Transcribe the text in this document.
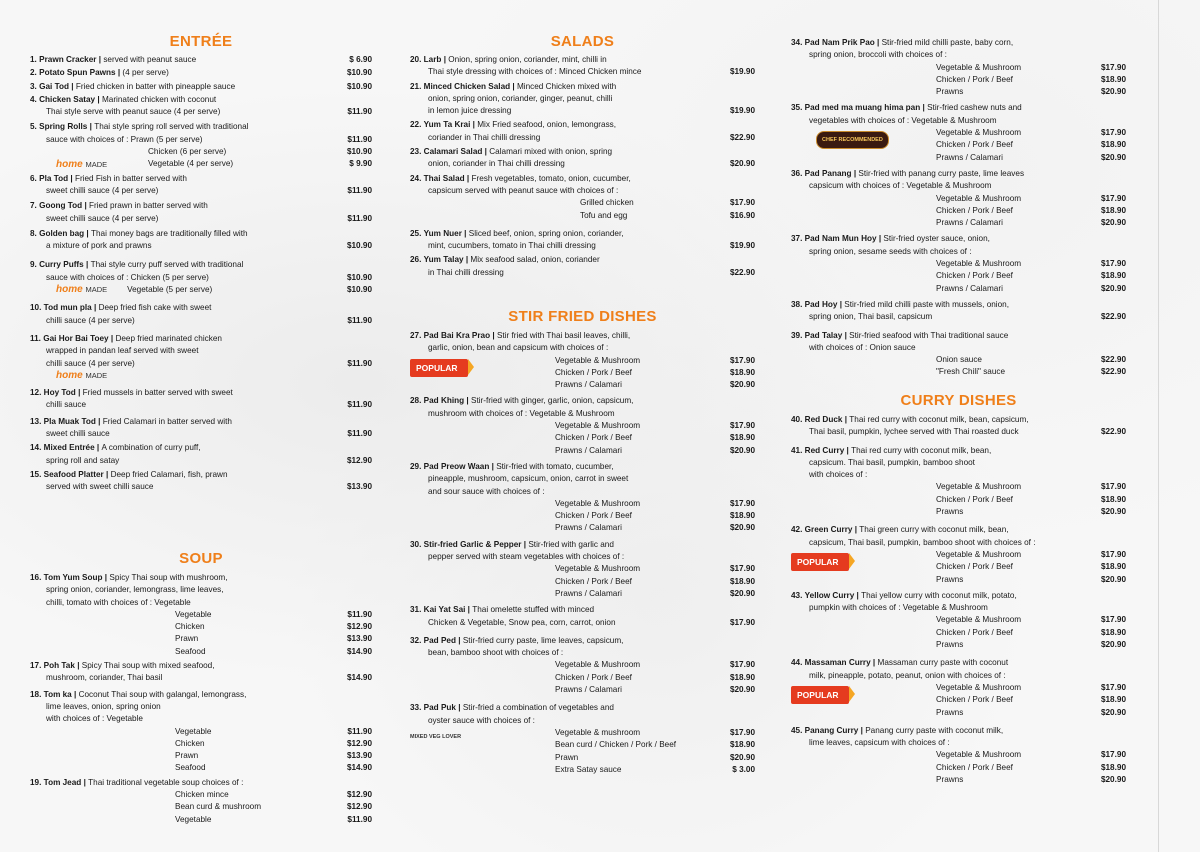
ENTRÉE
1. Prawn Cracker | served with peanut sauce	$ 6.90
2. Potato Spun Pawns | (4 per serve)	$10.90
3. Gai Tod | Fried chicken in batter with pineapple sauce	$10.90
4. Chicken Satay | Marinated chicken with coconut
Thai style serve with peanut sauce (4 per serve)	$11.90
5. Spring Rolls | Thai style spring roll served with traditional
sauce with choices of : Prawn (5 per serve)	$11.90
home MADE
Chicken (6 per serve)	$10.90
Vegetable (4 per serve)	$ 9.90
6. Pla Tod | Fried Fish in batter served with
sweet chilli sauce (4 per serve)	$11.90
7. Goong Tod | Fried prawn in batter served with
sweet chilli sauce (4 per serve)	$11.90
8. Golden bag | Thai money bags are traditionally filled with
a mixture of pork and prawns	$10.90
9. Curry Puffs | Thai style curry puff served with traditional
sauce with choices of : Chicken (5 per serve)	$10.90
home MADE	Vegetable (5 per serve)	$10.90
10. Tod mun pla | Deep fried fish cake with sweet
chilli sauce (4 per serve)	$11.90
11. Gai Hor Bai Toey | Deep fried marinated chicken
wrapped in pandan leaf served with sweet
chilli sauce (4 per serve)	$11.90
home MADE
12. Hoy Tod | Fried mussels in batter served with sweet
chilli sauce	$11.90
13. Pla Muak Tod | Fried Calamari in batter served with
sweet chilli sauce	$11.90
14. Mixed Entrée | A combination of curry puff,
spring roll and satay	$12.90
15. Seafood Platter | Deep fried Calamari, fish, prawn
served with sweet chilli sauce	$13.90
SOUP
16. Tom Yum Soup | Spicy Thai soup with mushroom,
spring onion, coriander, lemongrass, lime leaves,
chilli, tomato with choices of : Vegetable
Vegetable	$11.90
Chicken	$12.90
Prawn	$13.90
Seafood	$14.90
17. Poh Tak | Spicy Thai soup with mixed seafood,
mushroom, coriander, Thai basil	$14.90
18. Tom ka | Coconut Thai soup with galangal, lemongrass,
lime leaves, onion, spring onion
with choices of : Vegetable
Vegetable	$11.90
Chicken	$12.90
Prawn	$13.90
Seafood	$14.90
19. Tom Jead | Thai traditional vegetable soup choices of :
Chicken mince	$12.90
Bean curd & mushroom	$12.90
Vegetable	$11.90
SALADS
20. Larb | Onion, spring onion, coriander, mint, chilli in
Thai style dressing with choices of : Minced Chicken mince	$19.90
21. Minced Chicken Salad | Minced Chicken mixed with
onion, spring onion, coriander, ginger, peanut, chilli
in lemon juice dressing	$19.90
22. Yum Ta Krai | Mix Fried seafood, onion, lemongrass,
coriander in Thai chilli dressing	$22.90
23. Calamari Salad | Calamari mixed with onion, spring
onion, coriander in Thai chilli dressing	$20.90
24. Thai Salad | Fresh vegetables, tomato, onion, cucumber,
capsicum served with peanut sauce with choices of :
Grilled chicken	$17.90
Tofu and egg	$16.90
25. Yum Nuer | Sliced beef, onion, spring onion, coriander,
mint, cucumbers, tomato in Thai chilli dressing	$19.90
26. Yum Talay | Mix seafood salad, onion, coriander
in Thai chilli dressing	$22.90
STIR FRIED DISHES
27. Pad Bai Kra Prao | Stir fried with Thai basil leaves, chilli,
garlic, onion, bean and capsicum with choices of :
POPULAR
Vegetable & Mushroom	$17.90
Chicken / Pork / Beef	$18.90
Prawns / Calamari	$20.90
28. Pad Khing | Stir-fried with ginger, garlic, onion, capsicum,
mushroom with choices of : Vegetable & Mushroom
Vegetable & Mushroom	$17.90
Chicken / Pork / Beef	$18.90
Prawns / Calamari	$20.90
29. Pad Preow Waan | Stir-fried with tomato, cucumber,
pineapple, mushroom, capsicum, onion, carrot in sweet
and sour sauce with choices of :
Vegetable & Mushroom	$17.90
Chicken / Pork / Beef	$18.90
Prawns / Calamari	$20.90
30. Stir-fried Garlic & Pepper | Stir-fried with garlic and
pepper served with steam vegetables with choices of :
Vegetable & Mushroom	$17.90
Chicken / Pork / Beef	$18.90
Prawns / Calamari	$20.90
31. Kai Yat Sai | Thai omelette stuffed with minced
Chicken & Vegetable, Snow pea, corn, carrot, onion	$17.90
32. Pad Ped | Stir-fried curry paste, lime leaves, capsicum,
bean, bamboo shoot with choices of :
Vegetable & Mushroom	$17.90
Chicken / Pork / Beef	$18.90
Prawns / Calamari	$20.90
33. Pad Puk | Stir-fried a combination of vegetables and
oyster sauce with choices of :
MIXED VEG LOVER	Vegetable & mushroom	$17.90
Bean curd / Chicken / Pork / Beef	$18.90
Prawn	$20.90
Extra Satay sauce	$ 3.00
34. Pad Nam Prik Pao | Stir-fried mild chilli paste, baby corn,
spring onion, broccoli with choices of :
Vegetable & Mushroom	$17.90
Chicken / Pork / Beef	$18.90
Prawns	$20.90
35. Pad med ma muang hima pan | Stir-fried cashew nuts and
vegetables with choices of : Vegetable & Mushroom
CHEF RECOMMENDED
Vegetable & Mushroom	$17.90
Chicken / Pork / Beef	$18.90
Prawns / Calamari	$20.90
36. Pad Panang | Stir-fried with panang curry paste, lime leaves
capsicum with choices of : Vegetable & Mushroom
Vegetable & Mushroom	$17.90
Chicken / Pork / Beef	$18.90
Prawns / Calamari	$20.90
37. Pad Nam Mun Hoy | Stir-fried oyster sauce, onion,
spring onion, sesame seeds with choices of :
Vegetable & Mushroom	$17.90
Chicken / Pork / Beef	$18.90
Prawns / Calamari	$20.90
38. Pad Hoy | Stir-fried mild chilli paste with mussels, onion,
spring onion, Thai basil, capsicum	$22.90
39. Pad Talay | Stir-fried seafood with Thai traditional sauce
with choices of : Onion sauce
Onion sauce	$22.90
"Fresh Chili" sauce	$22.90
CURRY DISHES
40. Red Duck | Thai red curry with coconut milk, bean, capsicum,
Thai basil, pumpkin, lychee served with Thai roasted duck	$22.90
41. Red Curry | Thai red curry with coconut milk, bean,
capsicum. Thai basil, pumpkin, bamboo shoot
with choices of :
Vegetable & Mushroom	$17.90
Chicken / Pork / Beef	$18.90
Prawns	$20.90
42. Green Curry | Thai green curry with coconut milk, bean,
capsicum, Thai basil, pumpkin, bamboo shoot with choices of :
POPULAR
Vegetable & Mushroom	$17.90
Chicken / Pork / Beef	$18.90
Prawns	$20.90
43. Yellow Curry | Thai yellow curry with coconut milk, potato,
pumpkin with choices of : Vegetable & Mushroom
Vegetable & Mushroom	$17.90
Chicken / Pork / Beef	$18.90
Prawns	$20.90
44. Massaman Curry | Massaman curry paste with coconut
milk, pineapple, potato, peanut, onion with choices of :
POPULAR
Vegetable & Mushroom	$17.90
Chicken / Pork / Beef	$18.90
Prawns	$20.90
45. Panang Curry | Panang curry paste with coconut milk,
lime leaves, capsicum with choices of :
Vegetable & Mushroom	$17.90
Chicken / Pork / Beef	$18.90
Prawns	$20.90
